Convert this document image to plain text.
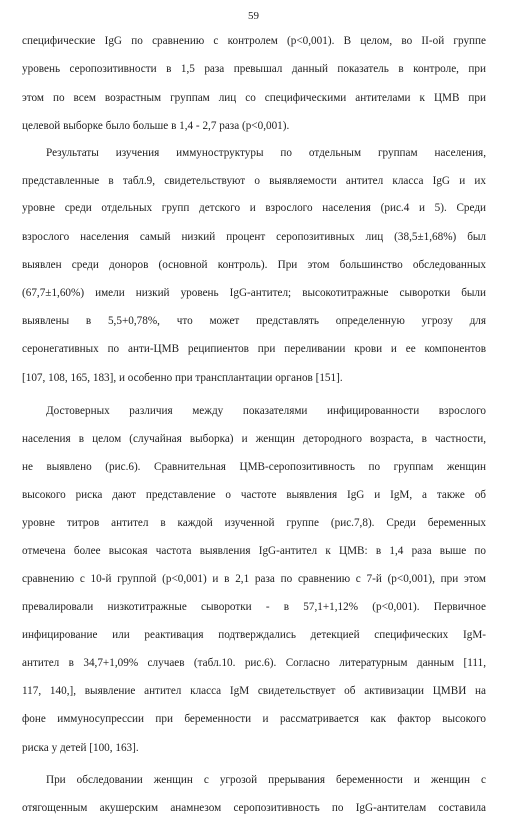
59
специфические IgG по сравнению с контролем (p<0,001). В целом, во II-ой группе
уровень серопозитивности в 1,5 раза превышал данный показатель в контроле, при
этом по всем возрастным группам лиц со специфическими антителами к ЦМВ при
целевой выборке было больше в 1,4 - 2,7 раза (p<0,001).
Результаты изучения иммуноструктуры по отдельным группам населения,
представленные в табл.9, свидетельствуют о выявляемости антител класса IgG и их
уровне среди отдельных групп детского и взрослого населения (рис.4 и 5). Среди
взрослого населения самый низкий процент серопозитивных лиц (38,5±1,68%) был
выявлен среди доноров (основной контроль). При этом большинство обследованных
(67,7±1,60%) имели низкий уровень IgG-антител; высокотитражные сыворотки были
выявлены в 5,5+0,78%, что может представлять определенную угрозу для
серонегативных по анти-ЦМВ реципиентов при переливании крови и ее компонентов
[107, 108, 165, 183], и особенно при трансплантации органов [151].
Достоверных различия между показателями инфицированности взрослого
населения в целом (случайная выборка) и женщин детородного возраста, в частности,
не выявлено (рис.6). Сравнительная ЦМВ-серопозитивность по группам женщин
высокого риска дают представление о частоте выявления IgG и IgM, а также об
уровне титров антител в каждой изученной группе (рис.7,8). Среди беременных
отмечена более высокая частота выявления IgG-антител к ЦМВ: в 1,4 раза выше по
сравнению с 10-й группой (p<0,001) и в 2,1 раза по сравнению с 7-й (p<0,001), при этом
превалировали низкотитражные сыворотки - в 57,1+1,12% (p<0,001). Первичное
инфицирование или реактивация подтверждались детекцией специфических IgM-
антител в 34,7+1,09% случаев (табл.10. рис.6). Согласно литературным данным [111,
117, 140,], выявление антител класса IgM свидетельствует об активизации ЦМВИ на
фоне иммуносупрессии при беременности и рассматривается как фактор высокого
риска у детей [100, 163].
При обследовании женщин с угрозой прерывания беременности и женщин с
отягощенным акушерским анамнезом серопозитивность по IgG-антителам составила
